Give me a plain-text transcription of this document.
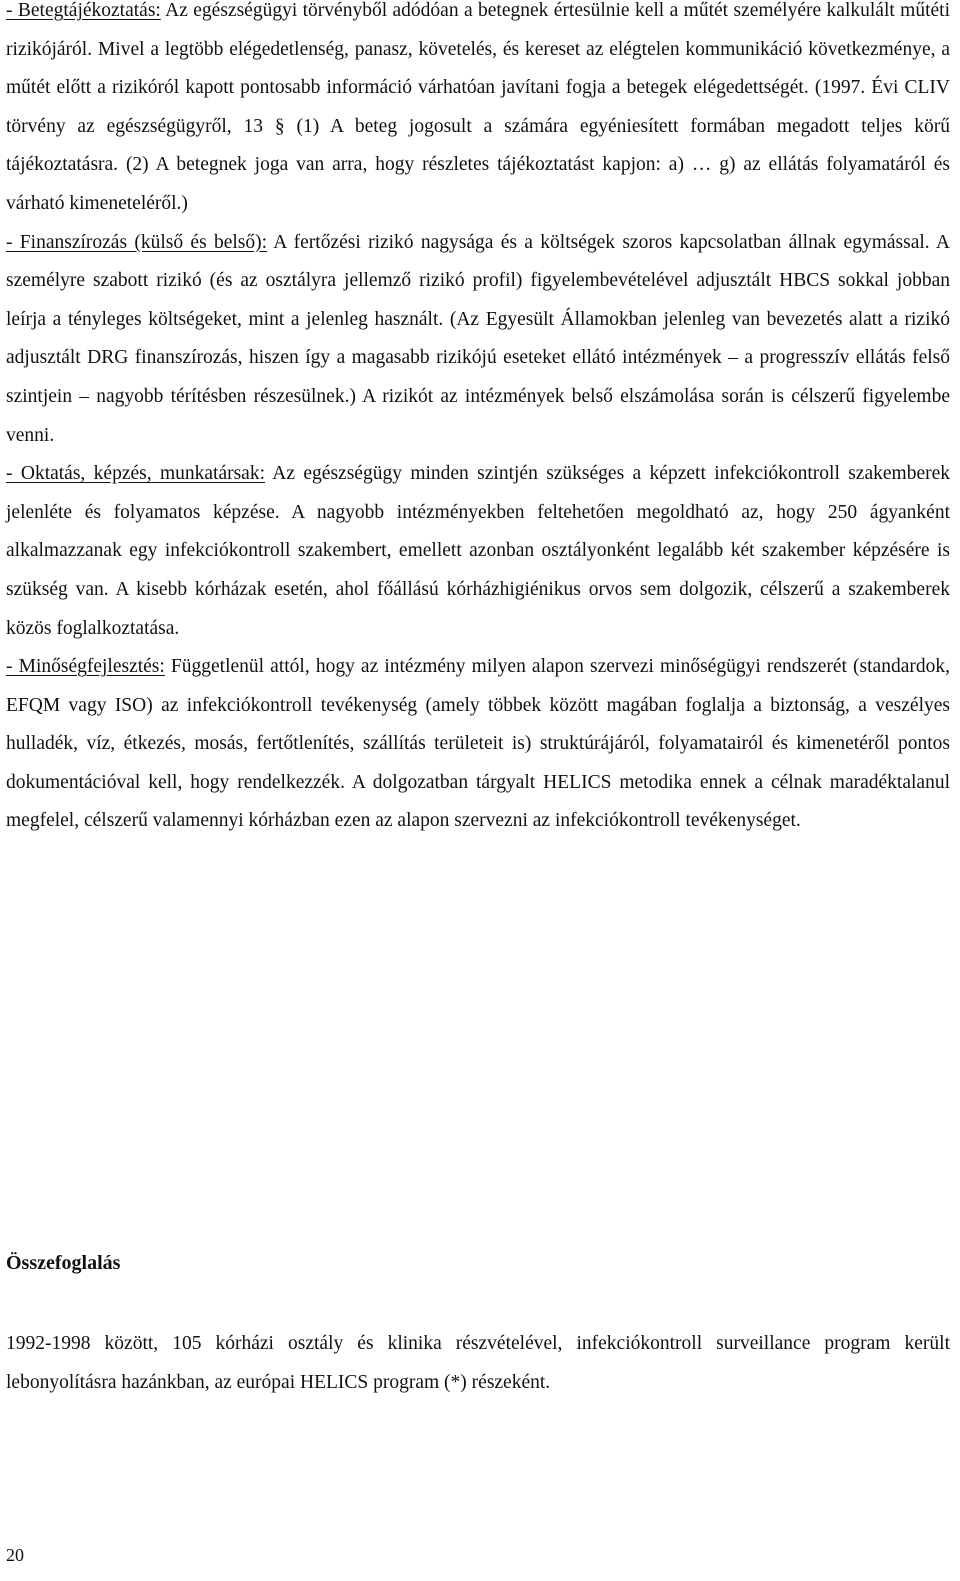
- Betegtájékoztatás: Az egészségügyi törvényből adódóan a betegnek értesülnie kell a műtét személyére kalkulált műtéti rizikójáról. Mivel a legtöbb elégedetlenség, panasz, követelés, és kereset az elégtelen kommunikáció következménye, a műtét előtt a rizikóról kapott pontosabb információ várhatóan javítani fogja a betegek elégedettségét. (1997. Évi CLIV törvény az egészségügyről, 13 § (1) A beteg jogosult a számára egyéniesített formában megadott teljes körű tájékoztatásra. (2) A betegnek joga van arra, hogy részletes tájékoztatást kapjon: a) … g) az ellátás folyamatáról és várható kimeneteléről.)

- Finanszírozás (külső és belső): A fertőzési rizikó nagysága és a költségek szoros kapcsolatban állnak egymással. A személyre szabott rizikó (és az osztályra jellemző rizikó profil) figyelembevételével adjusztált HBCS sokkal jobban leírja a tényleges költségeket, mint a jelenleg használt. (Az Egyesült Államokban jelenleg van bevezetés alatt a rizikó adjusztált DRG finanszírozás, hiszen így a magasabb rizikójú eseteket ellátó intézmények – a progresszív ellátás felső szintjein – nagyobb térítésben részesülnek.) A rizikót az intézmények belső elszámolása során is célszerű figyelembe venni.

- Oktatás, képzés, munkatársak: Az egészségügy minden szintjén szükséges a képzett infekciókontroll szakemberek jelenléte és folyamatos képzése. A nagyobb intézményekben feltehetően megoldható az, hogy 250 ágyanként alkalmazzanak egy infekciókontroll szakembert, emellett azonban osztályonként legalább két szakember képzésére is szükség van. A kisebb kórházak esetén, ahol főállású kórházhigiénikus orvos sem dolgozik, célszerű a szakemberek közös foglalkoztatása.

- Minőségfejlesztés: Függetlenül attól, hogy az intézmény milyen alapon szervezi minőségügyi rendszerét (standardok, EFQM vagy ISO) az infekciókontroll tevékenység (amely többek között magában foglalja a biztonság, a veszélyes hulladék, víz, étkezés, mosás, fertőtlenítés, szállítás területeit is) struktúrájáról, folyamatairól és kimenetéről pontos dokumentációval kell, hogy rendelkezzék. A dolgozatban tárgyalt HELICS metodika ennek a célnak maradéktalanul megfelel, célszerű valamennyi kórházban ezen az alapon szervezni az infekciókontroll tevékenységet.

Összefoglalás

1992-1998 között, 105 kórházi osztály és klinika részvételével, infekciókontroll surveillance program került lebonyolításra hazánkban, az európai HELICS program (*) részeként.

20
